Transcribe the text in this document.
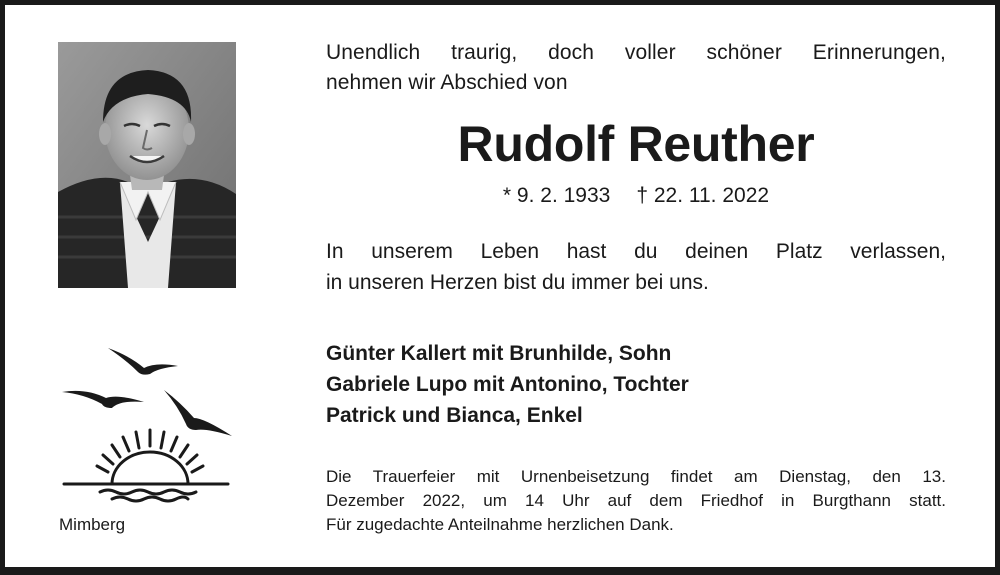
Unendlich traurig, doch voller schöner Erinnerungen,
nehmen wir Abschied von
Rudolf Reuther
* 9. 2. 1933 † 22. 11. 2022
In unserem Leben hast du deinen Platz verlassen,
in unseren Herzen bist du immer bei uns.
Günter Kallert mit Brunhilde, Sohn
Gabriele Lupo mit Antonino, Tochter
Patrick und Bianca, Enkel
Die Trauerfeier mit Urnenbeisetzung findet am Dienstag, den 13.
Dezember 2022, um 14 Uhr auf dem Friedhof in Burgthann statt.
Für zugedachte Anteilnahme herzlichen Dank.
Mimberg
